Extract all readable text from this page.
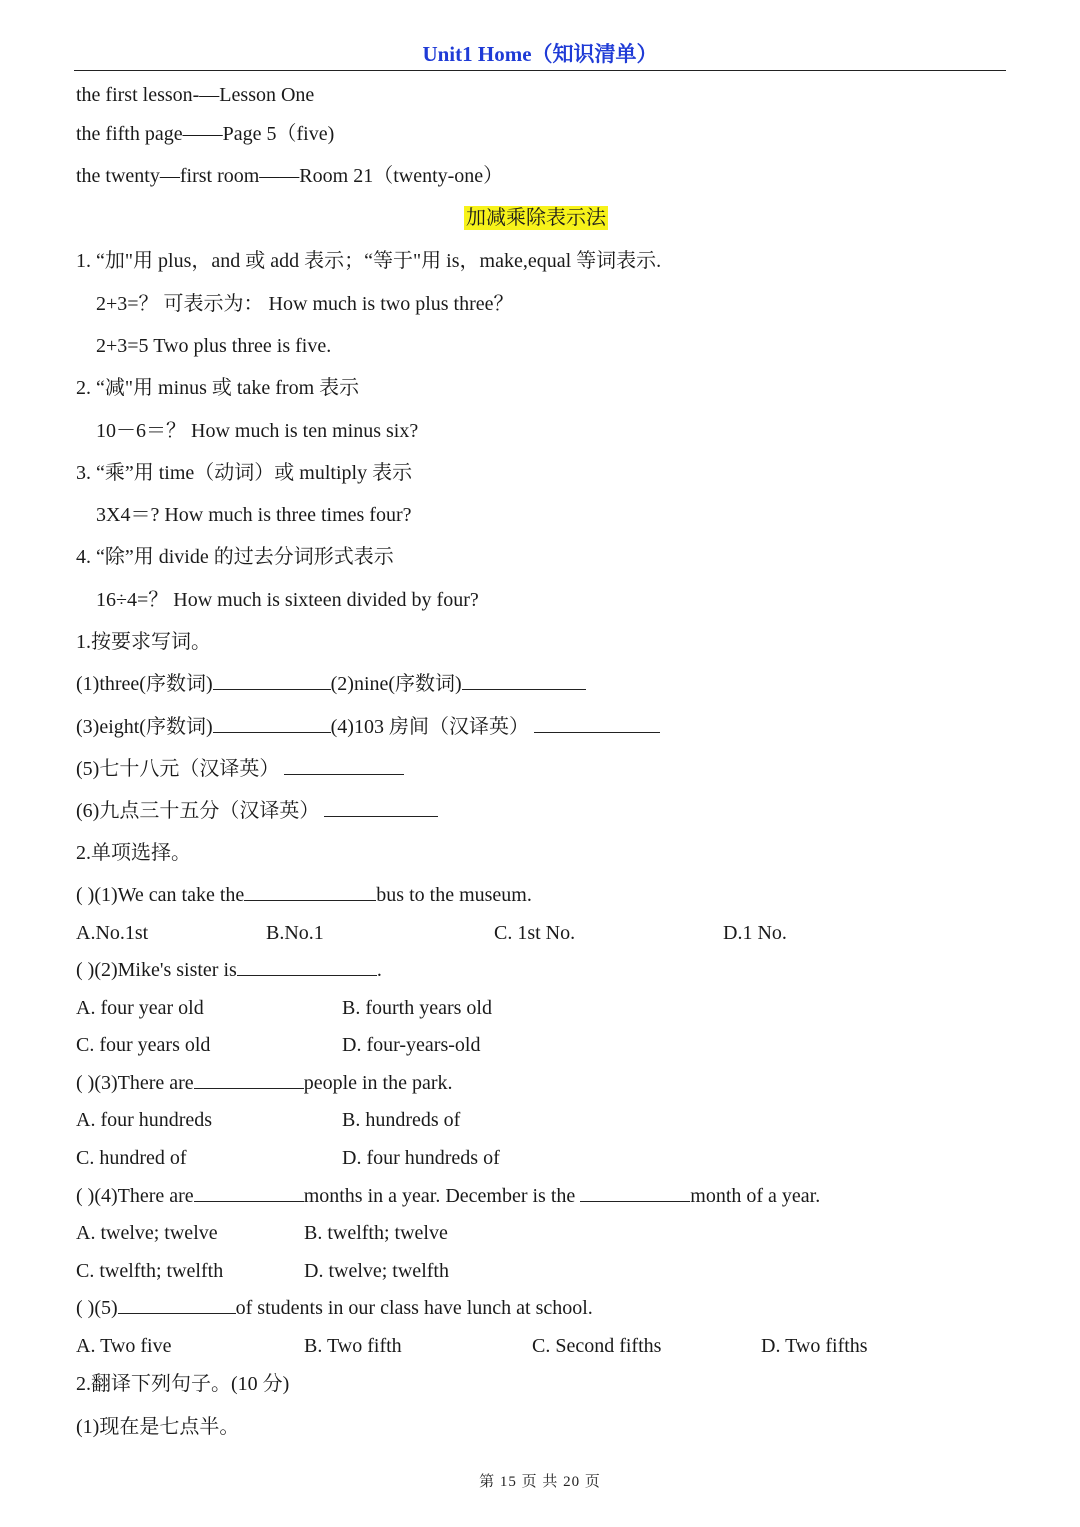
Unit1 Home（知识清单）
the first lesson-—Lesson One
the fifth page——Page 5（five)
the twenty—first room——Room 21（twenty-one）
加减乘除表示法
1. “加"用 plus，and 或 add 表示；“等于"用 is，make,equal 等词表示.
2+3=？ 可表示为： How much is two plus three？
2+3=5 Two plus three is five.
2. “减"用 minus 或 take from 表示
10－6＝？ How much is ten minus six?
3. “乘”用 time（动词）或 multiply 表示
3X4＝? How much is three times four?
4. “除”用 divide 的过去分词形式表示
16÷4=？ How much is sixteen divided by four?
1.按要求写词。
(1)three(序数词)	(2)nine(序数词)
(3)eight(序数词)	(4)103 房间（汉译英）
(5)七十八元（汉译英）
(6)九点三十五分（汉译英）
2.单项选择。
( )(1)We can take the	bus to the museum.
A.No.1st	B.No.1	C. 1st No.	D.1 No.
( )(2)Mike's sister is	.
A. four year old	B. fourth years old
C. four years old	D. four-years-old
( )(3)There are	people in the park.
A. four hundreds	B. hundreds of
C. hundred of	D. four hundreds of
( )(4)There are	months in a year. December is the	month of a year.
A. twelve; twelve	B. twelfth; twelve
C. twelfth; twelfth	D. twelve; twelfth
( )(5)	of students in our class have lunch at school.
A. Two five	B. Two fifth	C. Second fifths	D. Two fifths
2.翻译下列句子。(10 分)
(1)现在是七点半。
第 15 页 共 20 页
